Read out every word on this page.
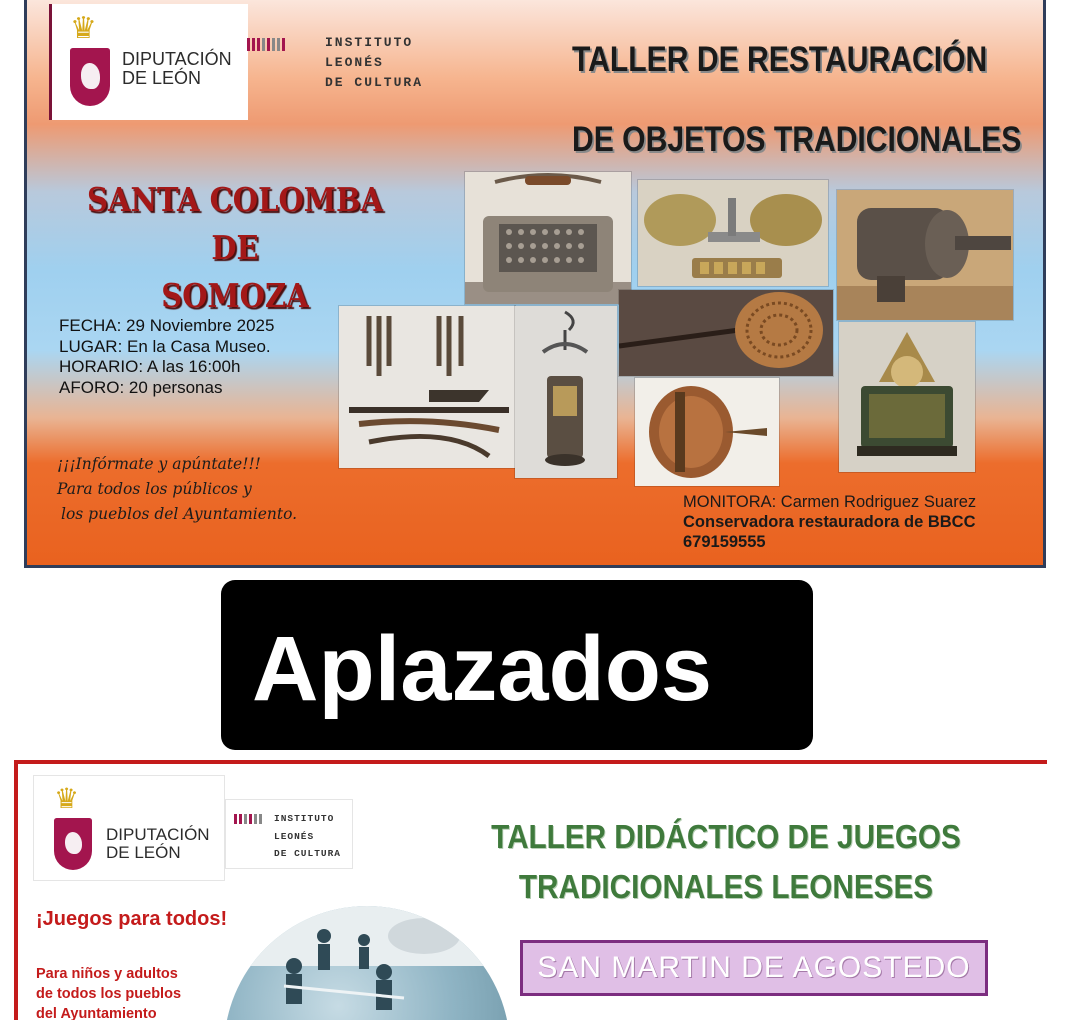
♛
DIPUTACIÓN
DE LEÓN
INSTITUTO
LEONÉS
DE CULTURA
TALLER DE RESTAURACIÓN
DE OBJETOS TRADICIONALES
SANTA COLOMBA DE
SOMOZA
FECHA: 29 Noviembre 2025
LUGAR: En la Casa Museo.
HORARIO: A las 16:00h
AFORO: 20 personas
¡¡¡Infórmate y apúntate!!!
Para todos los públicos y
los pueblos del Ayuntamiento.
MONITORA: Carmen Rodriguez Suarez
Conservadora restauradora de BBCC
679159555
Aplazados
♛
DIPUTACIÓN
DE LEÓN
INSTITUTO
LEONÉS
DE CULTURA	TALLER DIDÁCTICO DE JUEGOS
TRADICIONALES LEONESES
¡Juegos para todos!
Para niños y adultos
de todos los pueblos
del Ayuntamiento
SAN MARTIN DE AGOSTEDO
